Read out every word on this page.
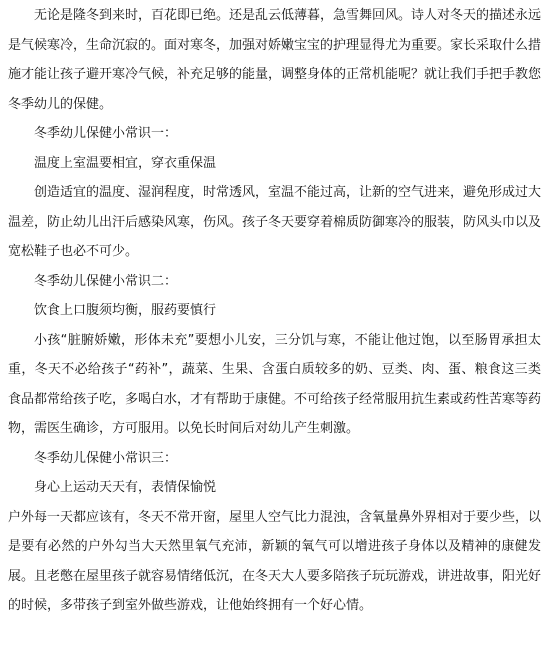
无论是隆冬到来时，百花即已绝。还是乱云低薄暮，急雪舞回风。诗人对冬天的描述永远是气候寒冷，生命沉寂的。面对寒冬，加强对娇嫩宝宝的护理显得尤为重要。家长采取什么措施才能让孩子避开寒冷气候，补充足够的能量，调整身体的正常机能呢？就让我们手把手教您冬季幼儿的保健。

冬季幼儿保健小常识一：

温度上室温要相宜，穿衣重保温

创造适宜的温度、湿润程度，时常透风，室温不能过高，让新的空气进来，避免形成过大温差，防止幼儿出汗后感染风寒，伤风。孩子冬天要穿着棉质防御寒冷的服装，防风头巾以及宽松鞋子也必不可少。

冬季幼儿保健小常识二：

饮食上口腹须均衡，服药要慎行

小孩“脏腑娇嫩，形体未充”要想小儿安，三分饥与寒，不能让他过饱，以至肠胃承担太重，冬天不必给孩子“药补”，蔬菜、生果、含蛋白质较多的奶、豆类、肉、蛋、粮食这三类食品都常给孩子吃，多喝白水，才有帮助于康健。不可给孩子经常服用抗生素或药性苦寒等药物，需医生确诊，方可服用。以免长时间后对幼儿产生刺激。

冬季幼儿保健小常识三：

身心上运动天天有，表情保愉悦

户外每一天都应该有，冬天不常开窗，屋里人空气比力混浊，含氧量鼻外界相对于要少些，以是要有必然的户外勾当大天然里氧气充沛，新颖的氧气可以增进孩子身体以及精神的康健发展。且老憋在屋里孩子就容易情绪低沉，在冬天大人要多陪孩子玩玩游戏，讲进故事，阳光好的时候，多带孩子到室外做些游戏，让他始终拥有一个好心情。
